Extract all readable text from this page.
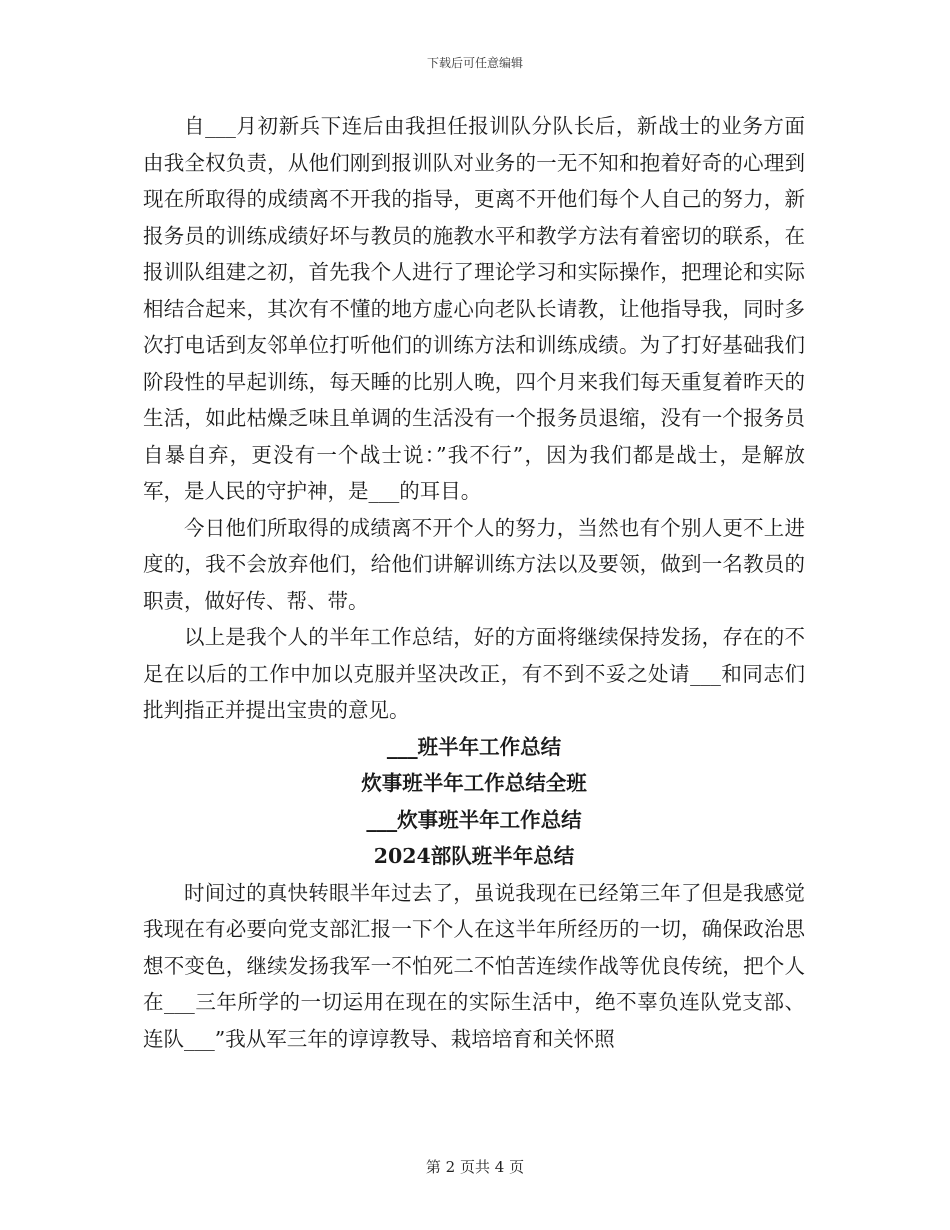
下载后可任意编辑

自___月初新兵下连后由我担任报训队分队长后，新战士的业务方面由我全权负责，从他们刚到报训队对业务的一无不知和抱着好奇的心理到现在所取得的成绩离不开我的指导，更离不开他们每个人自己的努力，新报务员的训练成绩好坏与教员的施教水平和教学方法有着密切的联系，在报训队组建之初，首先我个人进行了理论学习和实际操作，把理论和实际相结合起来，其次有不懂的地方虚心向老队长请教，让他指导我，同时多次打电话到友邻单位打听他们的训练方法和训练成绩。为了打好基础我们阶段性的早起训练，每天睡的比别人晚，四个月来我们每天重复着昨天的生活，如此枯燥乏味且单调的生活没有一个报务员退缩，没有一个报务员自暴自弃，更没有一个战士说：”我不行”，因为我们都是战士，是解放军，是人民的守护神，是___的耳目。

今日他们所取得的成绩离不开个人的努力，当然也有个别人更不上进度的，我不会放弃他们，给他们讲解训练方法以及要领，做到一名教员的职责，做好传、帮、带。

以上是我个人的半年工作总结，好的方面将继续保持发扬，存在的不足在以后的工作中加以克服并坚决改正，有不到不妥之处请___和同志们批判指正并提出宝贵的意见。

___班半年工作总结

炊事班半年工作总结全班

___炊事班半年工作总结

2024部队班半年总结

时间过的真快转眼半年过去了，虽说我现在已经第三年了但是我感觉我现在有必要向党支部汇报一下个人在这半年所经历的一切，确保政治思想不变色，继续发扬我军一不怕死二不怕苦连续作战等优良传统，把个人在___三年所学的一切运用在现在的实际生活中，绝不辜负连队党支部、连队___”我从军三年的谆谆教导、栽培培育和关怀照

第 2 页共 4 页
